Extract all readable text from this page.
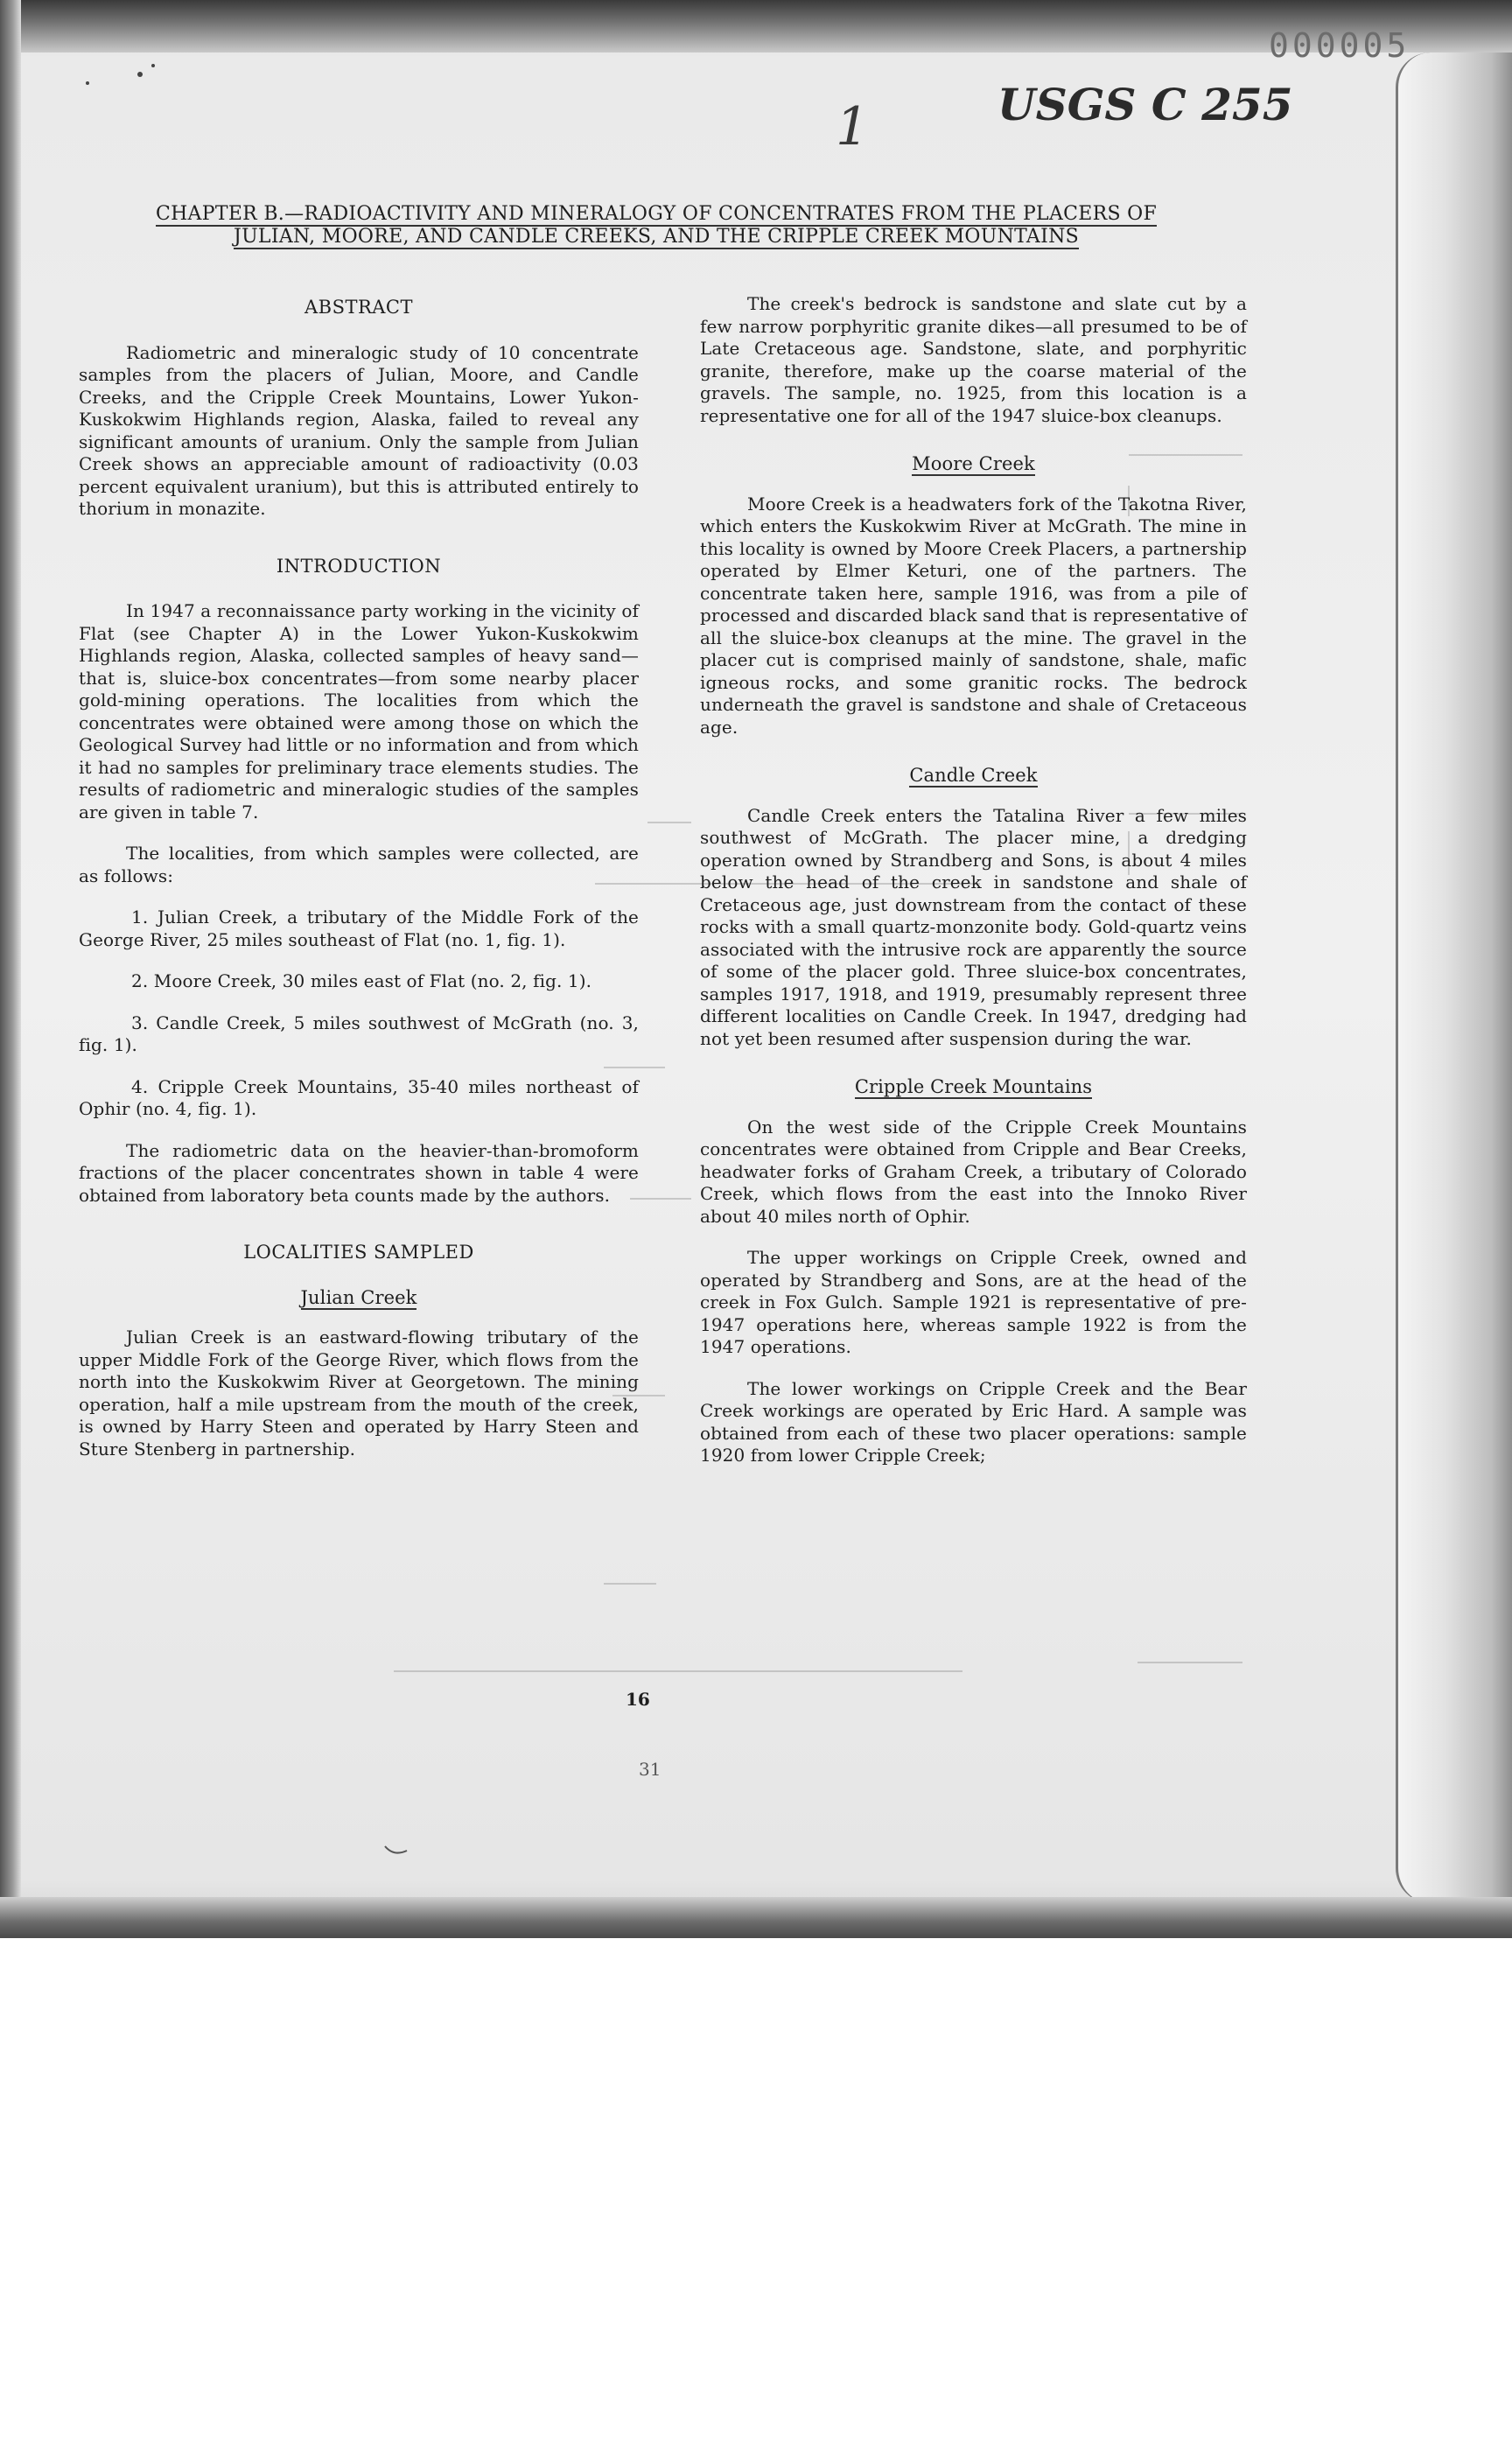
000005
1	USGS C 255
CHAPTER B.—RADIOACTIVITY AND MINERALOGY OF CONCENTRATES FROM THE PLACERS OF
JULIAN, MOORE, AND CANDLE CREEKS, AND THE CRIPPLE CREEK MOUNTAINS
ABSTRACT

Radiometric and mineralogic study of 10 concentrate samples from the placers of Julian, Moore, and Candle Creeks, and the Cripple Creek Mountains, Lower Yukon-Kuskokwim Highlands region, Alaska, failed to reveal any significant amounts of uranium. Only the sample from Julian Creek shows an appreciable amount of radioactivity (0.03 percent equivalent uranium), but this is attributed entirely to thorium in monazite.

INTRODUCTION

In 1947 a reconnaissance party working in the vicinity of Flat (see Chapter A) in the Lower Yukon-Kuskokwim Highlands region, Alaska, collected samples of heavy sand—that is, sluice-box concentrates—from some nearby placer gold-mining operations. The localities from which the concentrates were obtained were among those on which the Geological Survey had little or no information and from which it had no samples for preliminary trace elements studies. The results of radiometric and mineralogic studies of the samples are given in table 7.

The localities, from which samples were collected, are as follows:

1. Julian Creek, a tributary of the Middle Fork of the George River, 25 miles southeast of Flat (no. 1, fig. 1).

2. Moore Creek, 30 miles east of Flat (no. 2, fig. 1).

3. Candle Creek, 5 miles southwest of McGrath (no. 3, fig. 1).

4. Cripple Creek Mountains, 35-40 miles northeast of Ophir (no. 4, fig. 1).

The radiometric data on the heavier-than-bromoform fractions of the placer concentrates shown in table 4 were obtained from laboratory beta counts made by the authors.

LOCALITIES SAMPLED
Julian Creek

Julian Creek is an eastward-flowing tributary of the upper Middle Fork of the George River, which flows from the north into the Kuskokwim River at Georgetown. The mining operation, half a mile upstream from the mouth of the creek, is owned by Harry Steen and operated by Harry Steen and Sture Stenberg in partnership.

The creek's bedrock is sandstone and slate cut by a few narrow porphyritic granite dikes—all presumed to be of Late Cretaceous age. Sandstone, slate, and porphyritic granite, therefore, make up the coarse material of the gravels. The sample, no. 1925, from this location is a representative one for all of the 1947 sluice-box cleanups.

Moore Creek

Moore Creek is a headwaters fork of the Takotna River, which enters the Kuskokwim River at McGrath. The mine in this locality is owned by Moore Creek Placers, a partnership operated by Elmer Keturi, one of the partners. The concentrate taken here, sample 1916, was from a pile of processed and discarded black sand that is representative of all the sluice-box cleanups at the mine. The gravel in the placer cut is comprised mainly of sandstone, shale, mafic igneous rocks, and some granitic rocks. The bedrock underneath the gravel is sandstone and shale of Cretaceous age.

Candle Creek

Candle Creek enters the Tatalina River a few miles southwest of McGrath. The placer mine, a dredging operation owned by Strandberg and Sons, is about 4 miles below the head of the creek in sandstone and shale of Cretaceous age, just downstream from the contact of these rocks with a small quartz-monzonite body. Gold-quartz veins associated with the intrusive rock are apparently the source of some of the placer gold. Three sluice-box concentrates, samples 1917, 1918, and 1919, presumably represent three different localities on Candle Creek. In 1947, dredging had not yet been resumed after suspension during the war.

Cripple Creek Mountains

On the west side of the Cripple Creek Mountains concentrates were obtained from Cripple and Bear Creeks, headwater forks of Graham Creek, a tributary of Colorado Creek, which flows from the east into the Innoko River about 40 miles north of Ophir.

The upper workings on Cripple Creek, owned and operated by Strandberg and Sons, are at the head of the creek in Fox Gulch. Sample 1921 is representative of pre-1947 operations here, whereas sample 1922 is from the 1947 operations.

The lower workings on Cripple Creek and the Bear Creek workings are operated by Eric Hard. A sample was obtained from each of these two placer operations: sample 1920 from lower Cripple Creek;

16
31
